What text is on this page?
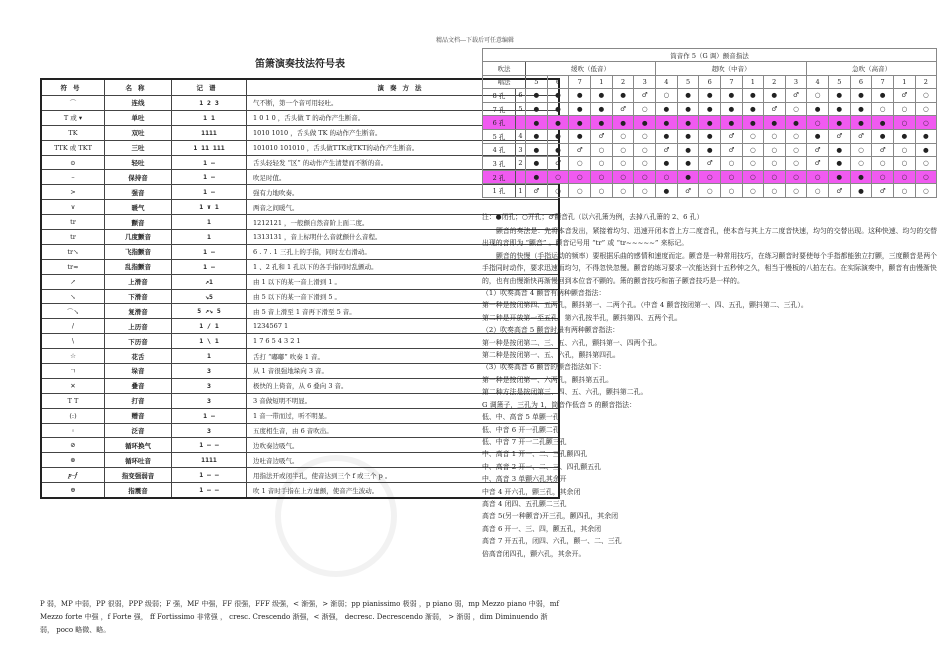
精品文档---下载后可任意编辑
笛箫演奏技法符号表
符号	名称	记谱	演奏方法
⌒	连线	1 2 3	气不断，第一个音可用轻吐。
T 或 ▾	单吐	1 1	1 0 1 0 ，舌头做 T 的动作产生断音。
TK	双吐	1111	1010 1010 ，舌头做 TK 的动作产生断音。
TTK 或 TKT	三吐	1 11 111	101010 101010 ，舌头做TTK或TKT的动作产生断音。
⊙	轻吐	1 –	舌头轻轻发 “区” 的动作产生清楚而不断的音。
–	保持音	1 –	吹足时值。
>	强音	1 –	强有力地吹奏。
∨	暖气	1 ∨ 1	两音之间暖气。
tr	颤音	1	1212121 ，一般颤自然音阶上面二度。
tr	几度颤音	1	1313131 ，音上标明什么音就颤什么音程。
tr↘	飞指颤音	1 –	6 . 7 . 1 三孔上的手指，同时左右滑动。
tr≈	乱指颤音	1 –	1 、2 孔和 1 孔以下的各手指同时乱颤动。
↗	上滑音	↗1	由 1 以下的某一音上滑到 1 。
↘	下滑音	↘5	由 5 以下的某一音下滑到 5 。
⌒↘	复滑音	5 ↗↘ 5	由 5 音上滑至 1 音再下滑至 5 音。
/	上历音	1 / 1	1234567 1
\	下历音	1 \ 1	1 7 6 5 4 3 2 1
☆	花舌	1	舌打 “嘟嘟” 吹奏 1 音。
ㄱ	垛音	3	从 1 音很强地垛向 3 音。
✕	叠音	3	极快的上倚音，从 6 叠向 3 音。
T T	打音	3	3 音做短明不明显。
(:)	赠音	1 –	1 音一带而过，听不明显。
◦	泛音	3	五度相生音，由 6 音吹出。
⊘	循环换气	1 – –	边吹奏边吸气。
⊛	循环吐音	1111	边吐音边吸气。
𝆏–𝆑	指变强弱音	1 – –	用指法开或闭半孔，使音达到三个 f 或三个 p 。
⊕	指震音	1 – –	吹 1 音时手指在上方虚颤，使音产生波动。
P 弱，MP 中弱，PP 很弱，PPP 级弱；F 强，MF 中强，FF 很强，FFF 级强，< 渐强，> 渐弱；pp pianissimo 极弱 ，p piano 弱，mp Mezzo piano 中弱，mf Mezzo forte 中强 ，f Forte 强， ff Fortissimo 非常强 ， cresc. Crescendo 渐强，< 渐强， decresc. Decrescendo 渐弱， > 渐弱 ，dim Diminuendo 渐弱， poco 略微、略。
筒音作 5（G 调）颤音指法																				
吹法		缓吹（低音）						超吹（中音）							急吹（高音）					
唱法		5	6	7	1	2	3	4	5	6	7	1	2	3	4	5	6	7	1	2
8 孔	6	●	●	●	●	●	♂	○	●	●	●	●	●	♂	○	●	●	●	♂	○
7 孔	5	●	●	●	●	♂	○	●	●	●	●	●	♂	○	●	●	●	○	○	○
6 孔		●	●	●	●	●	●	●	●	●	●	●	●	●	○	●	●	●	○	○
5 孔	4	●	●	●	♂	○	○	●	●	●	♂	○	○	○	●	♂	♂	●	●	●
4 孔	3	●	●	♂	○	○	○	♂	●	●	♂	○	○	○	♂	●	○	♂	○	●
3 孔	2	●	♂	○	○	○	○	●	●	♂	○	○	○	○	♂	●	○	○	○	○
2 孔		●	○	○	○	○	○	○	●	○	○	○	○	○	○	●	●	○	○	○
1 孔	1	♂	○	○	○	○	○	●	♂	○	○	○	○	○	○	♂	●	♂	○	○
注：●闭孔；○开孔；♂颤音孔（以六孔箫为例，去掉八孔箫的 2、6 孔）

颤音的奏法是：先将本音发出，紧接着均匀、迅速开闭本音上方二度音孔，使本音与其上方二度音快速，均匀的交替出现。这种快速、均匀的交替出现的音即为 “颤音” 。颤音记号用 “tr” 或 “tr~~~~~” 来标记。

颤音的快慢（手指运动的频率）要根据乐曲的感情和速度而定。颤音是一种常用技巧，在练习颤音时要使每个手指都能独立打颤，三度颤音是两个手指同时动作，要求迅速而均匀，不得忽快忽慢。颤音的练习要求一次能达到十五秒钟之久，相当于慢板的八拍左右。在实际演奏中，颤音有由慢渐快的，也有由慢渐快再渐慢回到本位音不颤的。箫的颤音技巧和笛子颤音技巧是一样的。

（1）吹奏高音 4 颤音有两种颤音指法：

第一种是按闭第四、五两孔，颤抖第一、二两个孔。（中音 4 颤音按闭第一、四、五孔，颤抖第二、三孔）。

第二种是开放第一至五孔，第六孔按半孔，颤抖第四、五两个孔。

（2）吹奏高音 5 颤音时最有两种颤音指法：

第一种是按闭第二、三、五、六孔，颤抖第一、四两个孔。

第二种是按闭第一、五、六孔，颤抖第四孔。

（3）吹奏高音 6 颤音的颤音指法如下：

第一种是按闭第一、六两孔，颤抖第五孔。

第二种方法是按闭第三、四、五、六孔，颤抖第二孔。

G 调箫子，三孔为 1，筒音作低音 5 的颤音指法：

低、中、高音 5 单颤一孔

低、中音 6 开一孔颤二孔

低、中音 7 开一二孔颤三孔

中、高音 1 开一、二、三孔颤四孔

中、高音 2 开一、二、三、四孔颤五孔

中、高音 3 单颤六孔其余开

中音 4 开六孔，颤三孔，其余闭

高音 4 闭四、五孔颤二三孔

高音 5(另一种颤音)开三孔，颤四孔，其余闭

高音 6 开一、三、四，颤五孔，其余闭

高音 7 开五孔，闭四、六孔，颤一、二、三孔

倍高音闭四孔，颤六孔，其余开。
